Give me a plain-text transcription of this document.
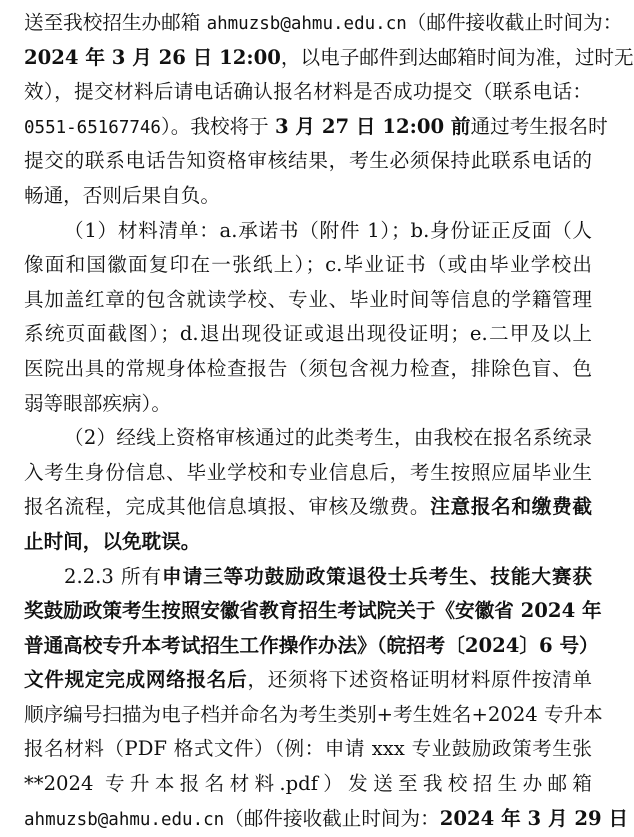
送至我校招生办邮箱 ahmuzsb@ahmu.edu.cn（邮件接收截止时间为：
2024 年 3 月 26 日 12:00，以电子邮件到达邮箱时间为准，过时无
效），提交材料后请电话确认报名材料是否成功提交（联系电话：
0551-65167746）。我校将于 3 月 27 日 12:00 前通过考生报名时
提交的联系电话告知资格审核结果，考生必须保持此联系电话的
畅通，否则后果自负。
（1）材料清单：a.承诺书（附件 1）；b.身份证正反面（人
像面和国徽面复印在一张纸上）；c.毕业证书（或由毕业学校出
具加盖红章的包含就读学校、专业、毕业时间等信息的学籍管理
系统页面截图）；d.退出现役证或退出现役证明；e.二甲及以上
医院出具的常规身体检查报告（须包含视力检查，排除色盲、色
弱等眼部疾病）。
（2）经线上资格审核通过的此类考生，由我校在报名系统录
入考生身份信息、毕业学校和专业信息后，考生按照应届毕业生
报名流程，完成其他信息填报、审核及缴费。注意报名和缴费截
止时间，以免耽误。
2.2.3 所有申请三等功鼓励政策退役士兵考生、技能大赛获
奖鼓励政策考生按照安徽省教育招生考试院关于《安徽省 2024 年
普通高校专升本考试招生工作操作办法》（皖招考〔2024〕6 号）
文件规定完成网络报名后，还须将下述资格证明材料原件按清单
顺序编号扫描为电子档并命名为考生类别+考生姓名+2024 专升本
报名材料（PDF 格式文件）（例：申请 xxx 专业鼓励政策考生张
**2024 专升本报名材料.pdf）发送至我校招生办邮箱
ahmuzsb@ahmu.edu.cn（邮件接收截止时间为：2024 年 3 月 29 日
